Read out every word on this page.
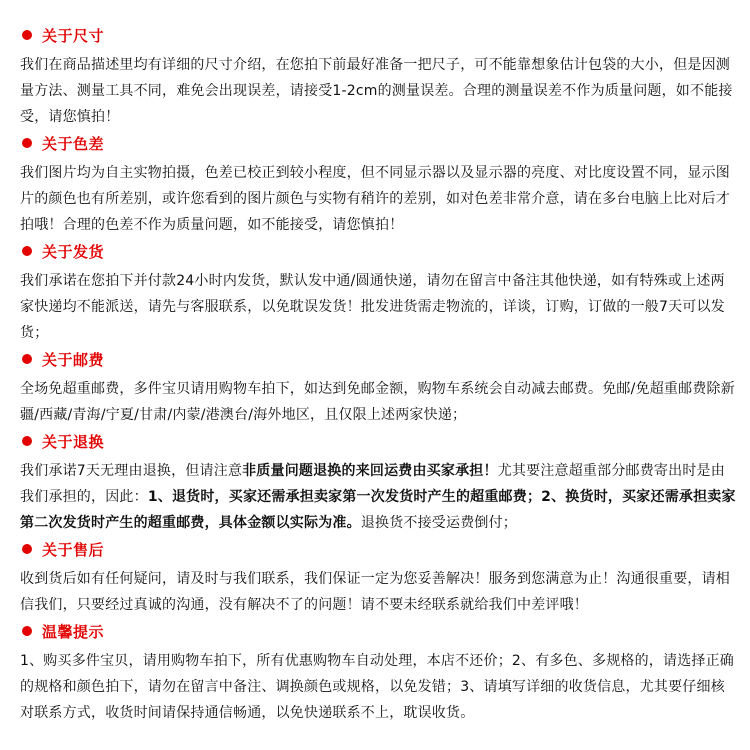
关于尺寸

我们在商品描述里均有详细的尺寸介绍，在您拍下前最好准备一把尺子，可不能靠想象估计包袋的大小，但是因测量方法、测量工具不同，难免会出现误差，请接受1-2cm的测量误差。合理的测量误差不作为质量问题，如不能接受，请您慎拍！

关于色差

我们图片均为自主实物拍摄，色差已校正到较小程度，但不同显示器以及显示器的亮度、对比度设置不同，显示图片的颜色也有所差别，或许您看到的图片颜色与实物有稍许的差别，如对色差非常介意，请在多台电脑上比对后才拍哦！合理的色差不作为质量问题，如不能接受，请您慎拍！

关于发货

我们承诺在您拍下并付款24小时内发货，默认发中通/圆通快递，请勿在留言中备注其他快递，如有特殊或上述两家快递均不能派送，请先与客服联系，以免耽误发货！批发进货需走物流的，详谈，订购，订做的一般7天可以发货；

关于邮费

全场免超重邮费，多件宝贝请用购物车拍下，如达到免邮金额，购物车系统会自动减去邮费。免邮/免超重邮费除新疆/西藏/青海/宁夏/甘肃/内蒙/港澳台/海外地区，且仅限上述两家快递；

关于退换

我们承诺7天无理由退换，但请注意非质量问题退换的来回运费由买家承担！尤其要注意超重部分邮费寄出时是由我们承担的，因此：1、退货时，买家还需承担卖家第一次发货时产生的超重邮费；2、换货时，买家还需承担卖家第二次发货时产生的超重邮费，具体金额以实际为准。退换货不接受运费倒付；

关于售后

收到货后如有任何疑问，请及时与我们联系，我们保证一定为您妥善解决！服务到您满意为止！沟通很重要，请相信我们，只要经过真诚的沟通，没有解决不了的问题！请不要未经联系就给我们中差评哦！

温馨提示

1、购买多件宝贝，请用购物车拍下，所有优惠购物车自动处理，本店不还价；2、有多色、多规格的，请选择正确的规格和颜色拍下，请勿在留言中备注、调换颜色或规格，以免发错；3、请填写详细的收货信息，尤其要仔细核对联系方式，收货时间请保持通信畅通，以免快递联系不上，耽误收货。
